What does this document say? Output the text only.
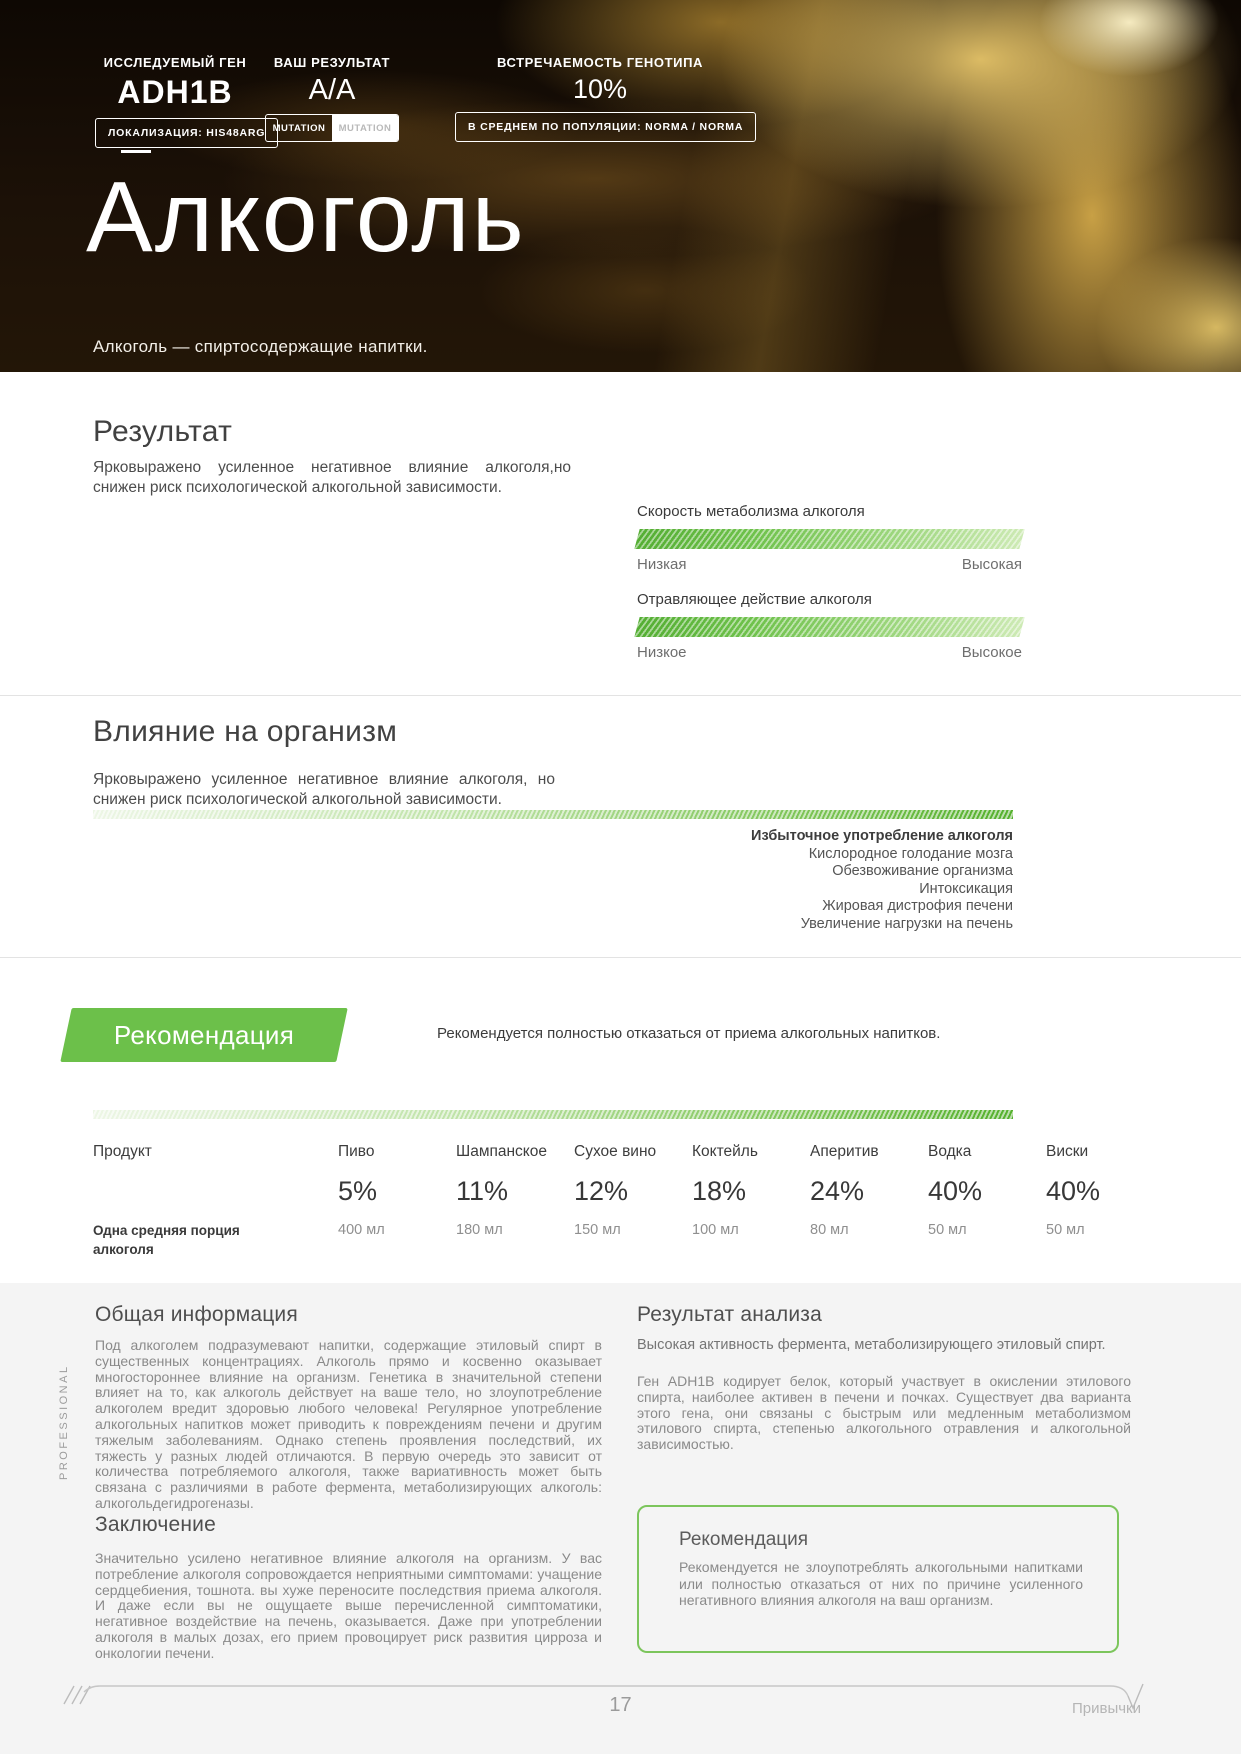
ИССЛЕДУЕМЫЙ ГЕН
ADH1B
ЛОКАЛИЗАЦИЯ: HIS48ARG
ВАШ РЕЗУЛЬТАТ
A/A
MUTATION	MUTATION
ВСТРЕЧАЕМОСТЬ ГЕНОТИПА
10%
В СРЕДНЕМ ПО ПОПУЛЯЦИИ: NORMA / NORMA
Алкоголь
Алкоголь — спиртосодержащие напитки.
Результат
Ярковыражено усиленное негативное влияние алкоголя,но снижен риск психологической алкогольной зависимости.
Скорость метаболизма алкоголя
Низкая	Высокая
Отравляющее действие алкоголя
Низкое	Высокое
Влияние на организм
Ярковыражено усиленное негативное влияние алкоголя, но снижен риск психологической алкогольной зависимости.
Избыточное употребление алкоголя
Кислородное голодание мозга
Обезвоживание организма
Интоксикация
Жировая дистрофия печени
Увеличение нагрузки на печень
Рекомендация	Рекомендуется полностью отказаться от приема алкогольных напитков.
Продукт	Пиво	Шампанское	Сухое вино	Коктейль	Аперитив	Водка	Виски
5%	11%	12%	18%	24%	40%	40%
Одна средняя порция алкоголя
400 мл	180 мл	150 мл	100 мл	80 мл	50 мл	50 мл
PROFESSIONAL
Общая информация
Под алкоголем подразумевают напитки, содержащие этиловый спирт в существенных концентрациях. Алкоголь прямо и косвенно оказывает многостороннее влияние на организм. Генетика в значительной степени влияет на то, как алкоголь действует на ваше тело, но злоупотребление алкоголем вредит здоровью любого человека! Регулярное употребление алкогольных напитков может приводить к повреждениям печени и другим тяжелым заболеваниям. Однако степень проявления последствий, их тяжесть у разных людей отличаются. В первую очередь это зависит от количества потребляемого алкоголя, также вариативность может быть связана с различиями в работе фермента, метаболизирующих алкоголь: алкогольдегидрогеназы.
Заключение
Значительно усилено негативное влияние алкоголя на организм. У вас потребление алкоголя сопровождается неприятными симптомами: учащение сердцебиения, тошнота. вы хуже переносите последствия приема алкоголя. И даже если вы не ощущаете выше перечисленной симптоматики, негативное воздействие на печень, оказывается. Даже при употреблении алкоголя в малых дозах, его прием провоцирует риск развития цирроза и онкологии печени.
Результат анализа
Высокая активность фермента, метаболизирующего этиловый спирт.
Ген ADH1B кодирует белок, который участвует в окислении этилового спирта, наиболее активен в печени и почках. Существует два варианта этого гена, они связаны с быстрым или медленным метаболизмом этилового спирта, степенью алкогольного отравления и алкогольной зависимостью.
Рекомендация
Рекомендуется не злоупотреблять алкогольными напитками или полностью отказаться от них по причине усиленного негативного влияния алкоголя на ваш организм.
17	Привычки
